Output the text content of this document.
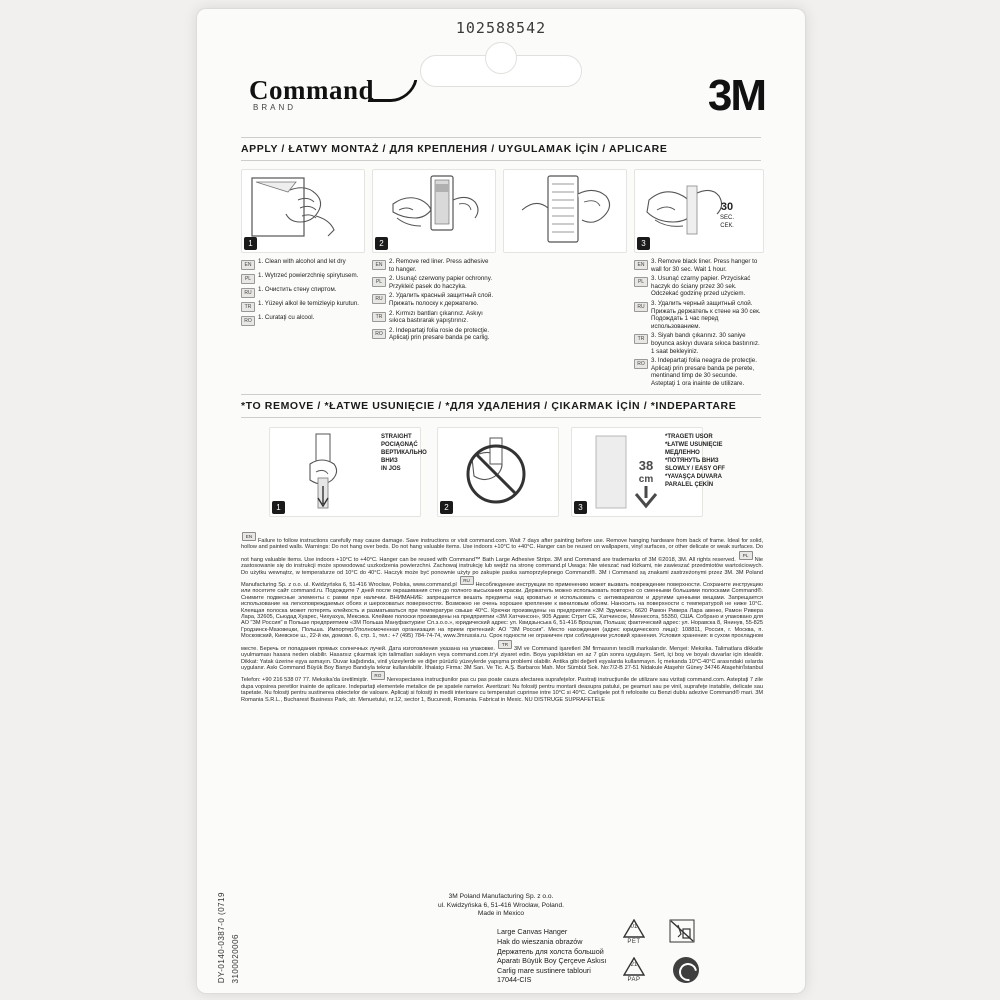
102588542
Command
BRAND	3M
APPLY / ŁATWY MONTAŻ / ДЛЯ КРЕПЛЕНИЯ / UYGULAMAK İÇİN / APLICARE
1
EN	1. Clean with alcohol and let dry
PL	1. Wytrzeć powierzchnię spirytusem.
RU	1. Очистить стену спиртом.
TR	1. Yüzeyi alkol ile temizleyip kurutun.
RO	1. Curataţi cu alcool.
2
EN	2. Remove red liner. Press adhesive to hanger.
PL	2. Usunąć czerwony papier ochronny. Przykleić pasek do haczyka.
RU	2. Удалить красный защитный слой. Прижать полоску к держателю.
TR	2. Kırmızı bantları çıkarınız. Askıyı sıkıca bastırarak yapıştırınız.
RO	2. Indepartaţi folia rosie de protecţie. Aplicaţi prin presare banda pe carlig.
30
SEC.
СЕК.
3
EN	3. Remove black liner. Press hanger to wall for 30 sec. Wait 1 hour.
PL	3. Usunąć czarny papier. Przyciskać haczyk do ściany przez 30 sek. Odczekać godzinę przed użyciem.
RU	3. Удалить черный защитный слой. Прижать держатель к стене на 30 сек. Подождать 1 час перед использованием.
TR	3. Siyah bandı çıkarınız. 30 saniye boyunca askıyı duvara sıkıca bastırınız. 1 saat bekleyiniz.
RO	3. Indepartaţi folia neagra de protecţie. Aplicaţi prin presare banda pe perete, mentinand timp de 30 secunde. Asteptaţi 1 ora inainte de utilizare.
*TO REMOVE / *ŁATWE USUNIĘCIE / *ДЛЯ УДАЛЕНИЯ / ÇIKARMAK İÇİN / *INDEPARTARE
1	2
38
cm
3
STRAIGHT
POCIĄGNĄĆ
ВЕРТИКАЛЬНО
ВНИЗ
IN JOS
*TRAGETI USOR
*ŁATWE USUNIĘCIE
МЕДЛЕННО
*ПОТЯНУТЬ ВНИЗ
SLOWLY / EASY OFF
*YAVAŞÇA DUVARA
PARALEL ÇEKİN
ENFailure to follow instructions carefully may cause damage. Save instructions or visit command.com. Wait 7 days after painting before use. Remove hanging hardware from back of frame. Ideal for solid, hollow and painted walls. Warnings: Do not hang over beds. Do not hang valuable items. Use indoors +10°C to +40°C. Hanger can be reused on wallpapers, vinyl surfaces, or other delicate or weak surfaces. Do not hang valuable items. Use indoors +10°C to +40°C. Hanger can be reused with Command™ Bath Large Adhesive Strips. 3M and Command are trademarks of 3M ©2018, 3M. All rights reserved. PLNie zastosowanie się do instrukcji może spowodować uszkodzenia powierzchni. Zachowaj instrukcję lub wejdź na stronę command.pl Uwaga: Nie wieszać nad łóżkami, nie zawieszać przedmiotów wartościowych. Do użytku wewnątrz, w temperaturze od 10°C do 40°C. Haczyk może być ponownie użyty po zakupie paska samoprzylepnego Command®. 3M i Command są znakami zastrzeżonymi przez 3M. 3M Poland Manufacturing Sp. z o.o. ul. Kwidzyńska 6, 51-416 Wrocław, Polska, www.command.pl RUНесоблюдение инструкции по применению может вызвать повреждение поверхности. Сохраните инструкцию или посетите сайт command.ru. Подождите 7 дней после окрашивания стен до полного высыхания краски. Держатель можно использовать повторно со сменными большими полосками Command®. Снимите подвесные элементы с рамки при наличии. ВНИМАНИЕ: запрещается вешать предметы над кроватью и использовать с антиквариатом и другими ценными вещами. Запрещается использование на легкоповреждаемых обоях и шероховатых поверхностях. Возможно не очень хорошее крепление к виниловым обоям. Наносить на поверхности с температурой не ниже 10°С. Клеящая полоска может потерять клейкость и разматываться при температуре свыше 40°С. Крючки произведены на предприятии «3М Эдумекс», 6620 Рамон Ривера Лара авеню, Рамон Ривера Лара, 32605, Сьюдад Хуарес, Чихуахуа, Мексика. Клейкие полоски произведены на предприятии «3М Хатчинсон», 905 Адамс Стрит СЕ, Хатчинсон, Миннесота, 55350, США. Собрано и упаковано для АО "ЗМ Россия" в Польше предприятием «3М Польша Мануфактуринг Сп.з.о.о.», юридический адрес: ул. Квидзьнська 6, 51-416 Вроцлав, Польша; фактический адрес: ул. Норавска 8, Янинув, 55-825 Гродзинск-Мазовецки, Польша. Импортер/Уполномоченная организация на прием претензий: АО "ЗМ Россия". Место нахождения (адрес юридического лица): 108811, Россия, г. Москва, п. Московский, Киевское ш., 22-й км, домовл. 6, стр. 1, тел.: +7 (495) 784-74-74, www.3mrussia.ru. Срок годности не ограничен при соблюдении условий хранения. Условия хранения: в сухом прохладном месте. Беречь от попадания прямых солнечных лучей. Дата изготовления указана на упаковке. TR3M ve Command işaretleri 3M firmasının tescilli markalarıdır. Menşei: Meksika. Talimatlara dikkatle uyulmaması hasara neden olabilir. Hasarsız çıkarmak için talimatları saklayın veya command.com.tr'yi ziyaret edin. Boya yapıldıktan en az 7 gün sonra uygulayın. Sert, içi boş ve boyalı duvarlar için idealdir. Dikkat: Yatak üzerine eşya asmayın. Duvar kağıdında, vinil yüzeylerde ve diğer pürüzlü yüzeylerde yapışma problemi olabilir. Antika gibi değerli eşyalarda kullanmayın. İç mekanda 10°C-40°C arasındaki ısılarda uygulanır. Askı Command Büyük Boy Banyo Bandıyla tekrar kullanılabilir. İthalatçı Firma: 3M San. Ve Tic. A.Ş. Barbaros Mah. Mor Sümbül Sok. No:7/2-B 27-51 Nidakule Ataşehir Güney 34746 Ataşehir/İstanbul Telefon: +90 216 538 07 77. Meksika'da üretilmiştir. RONerespectarea instrucţiunilor pas cu pas poate cauza afectarea suprafeţelor. Pastraţi instrucţiunile de utilizare sau vizitaţi command.com. Asteptaţi 7 zile dupa vopsirea peretilor inainte de aplicare. Indepartaţi elementele metalice de pe spatele ramelor. Avertizari: Nu folosiţi pentru montarii deasupra patului, pe geamuri sau pe vinil, suprafeţe instabile, delicate sau tapetate. Nu folosiţi pentru sustinerea obiectelor de valoare. Aplicaţi si folosiţi in medii interioare cu temperaturi cuprinse intre 10°C si 40°C. Carligele pot fi refolosite cu Benzi dublu adezive Command® mari. 3M Romania S.R.L., Bucharest Business Park, str. Menuetului, nr.12, sector 1, Bucuresti, Romania. Fabricat in Mexic. NU DISTRUGE SUPRAFETELE
3M Poland Manufacturing Sp. z o.o.
ul. Kwidzyńska 6, 51-416 Wrocław, Poland.
Made in Mexico
DY-0140-0387-0 (0719 3100020006
Large Canvas Hanger
Hak do wieszania obrazów
Держатель для холста большой
Aparatı Büyük Boy Çerçeve Askısı
Carlig mare sustinere tablouri
17044-CIS
01
PET
21
PAP
